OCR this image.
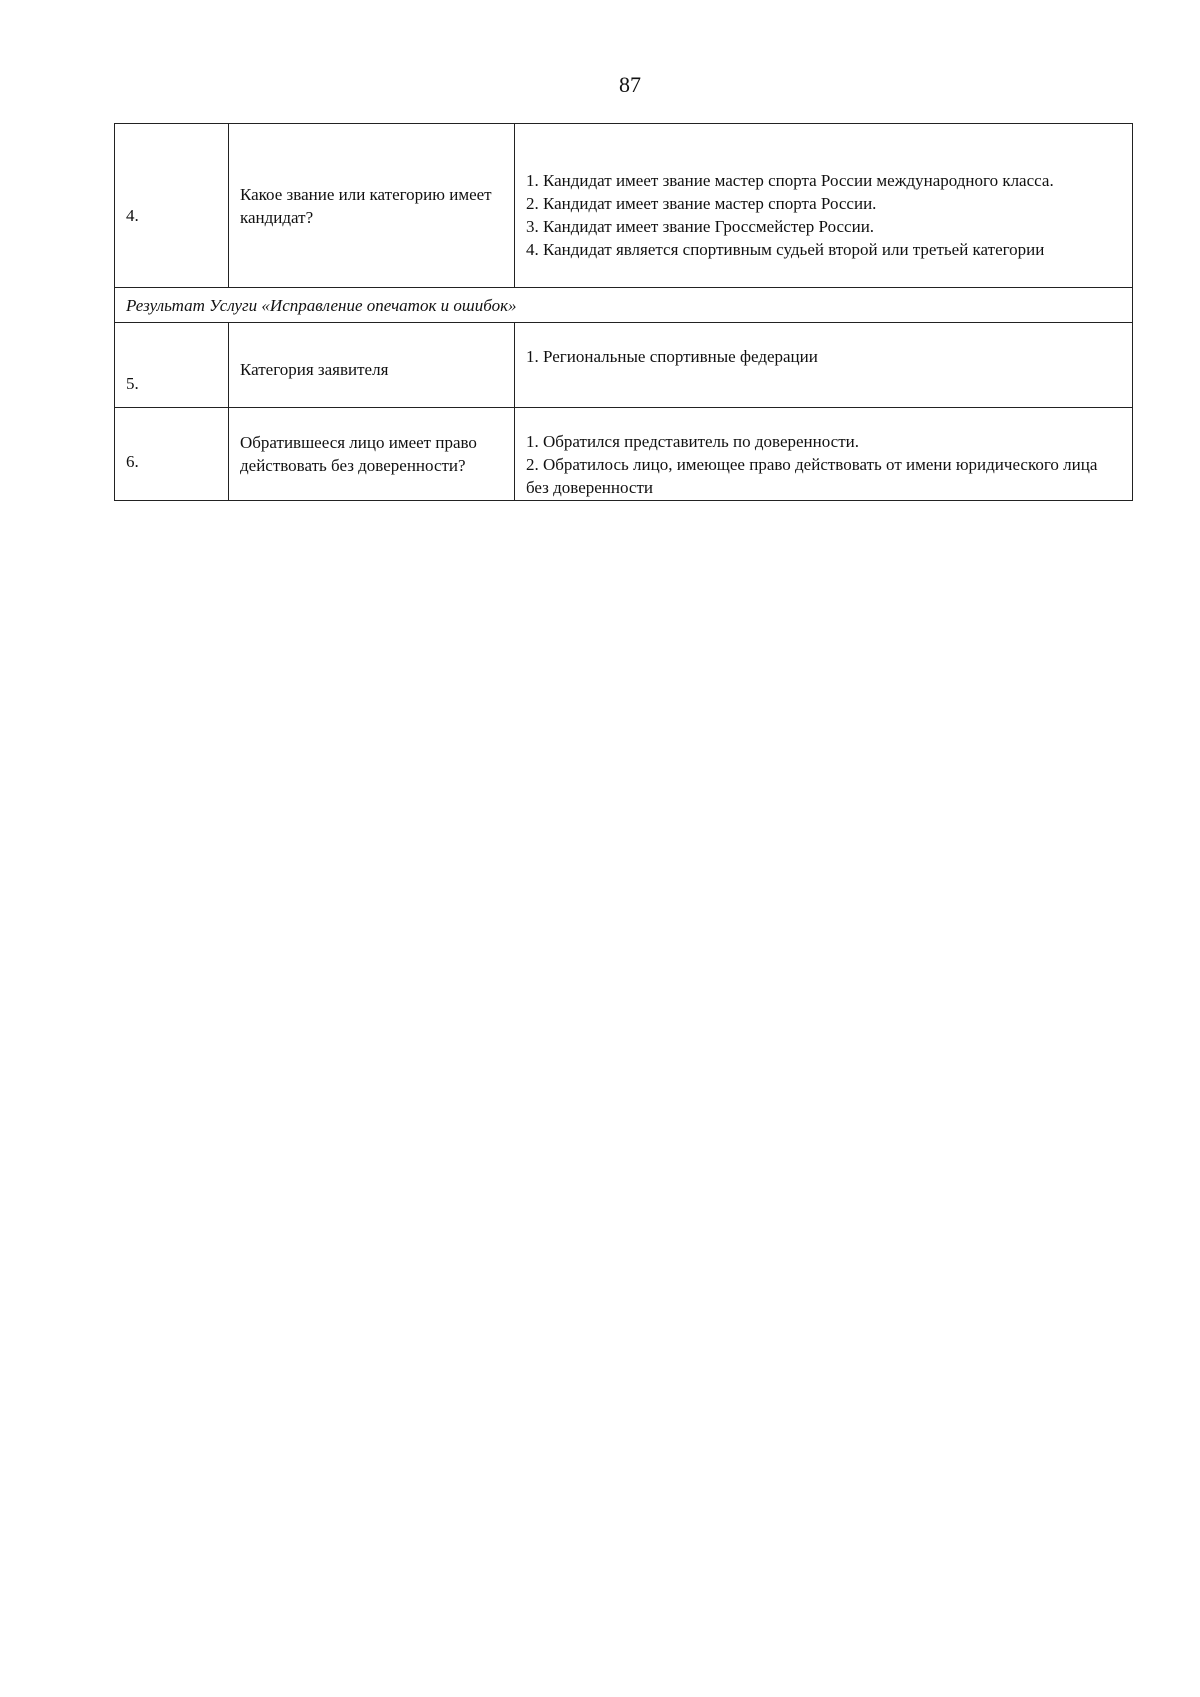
87
4.	Какое звание или категорию имеет кандидат?	1. Кандидат имеет звание мастер спорта России международного класса.
2. Кандидат имеет звание мастер спорта России.
3. Кандидат имеет звание Гроссмейстер России.
4. Кандидат является спортивным судьей второй или третьей категории

Результат Услуги «Исправление опечаток и ошибок»		
5.	Категория заявителя	1. Региональные спортивные федерации

6.	Обратившееся лицо имеет право действовать без доверенности?	1. Обратился представитель по доверенности.
2. Обратилось лицо, имеющее право действовать от имени юридического лица без доверенности
